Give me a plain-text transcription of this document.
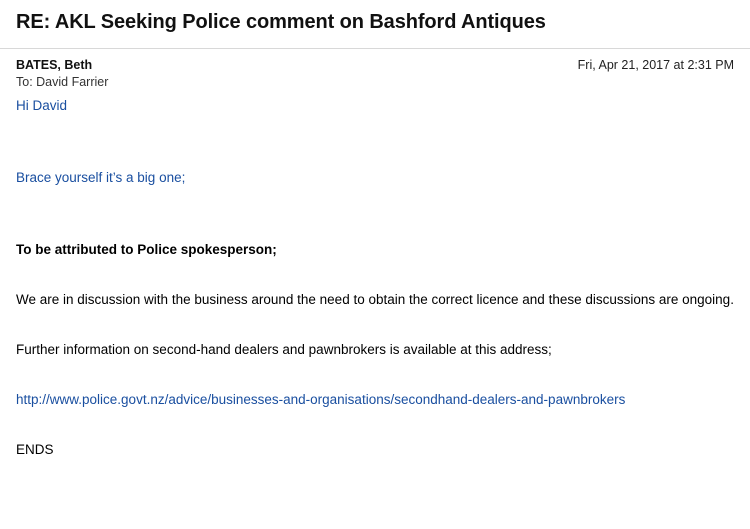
RE: AKL Seeking Police comment on Bashford Antiques
BATES, Beth
To: David Farrier
Fri, Apr 21, 2017 at 2:31 PM

Hi David

Brace yourself it’s a big one;

To be attributed to Police spokesperson;

We are in discussion with the business around the need to obtain the correct licence and these discussions are ongoing.

Further information on second-hand dealers and pawnbrokers is available at this address;

http://www.police.govt.nz/advice/businesses-and-organisations/secondhand-dealers-and-pawnbrokers

ENDS
